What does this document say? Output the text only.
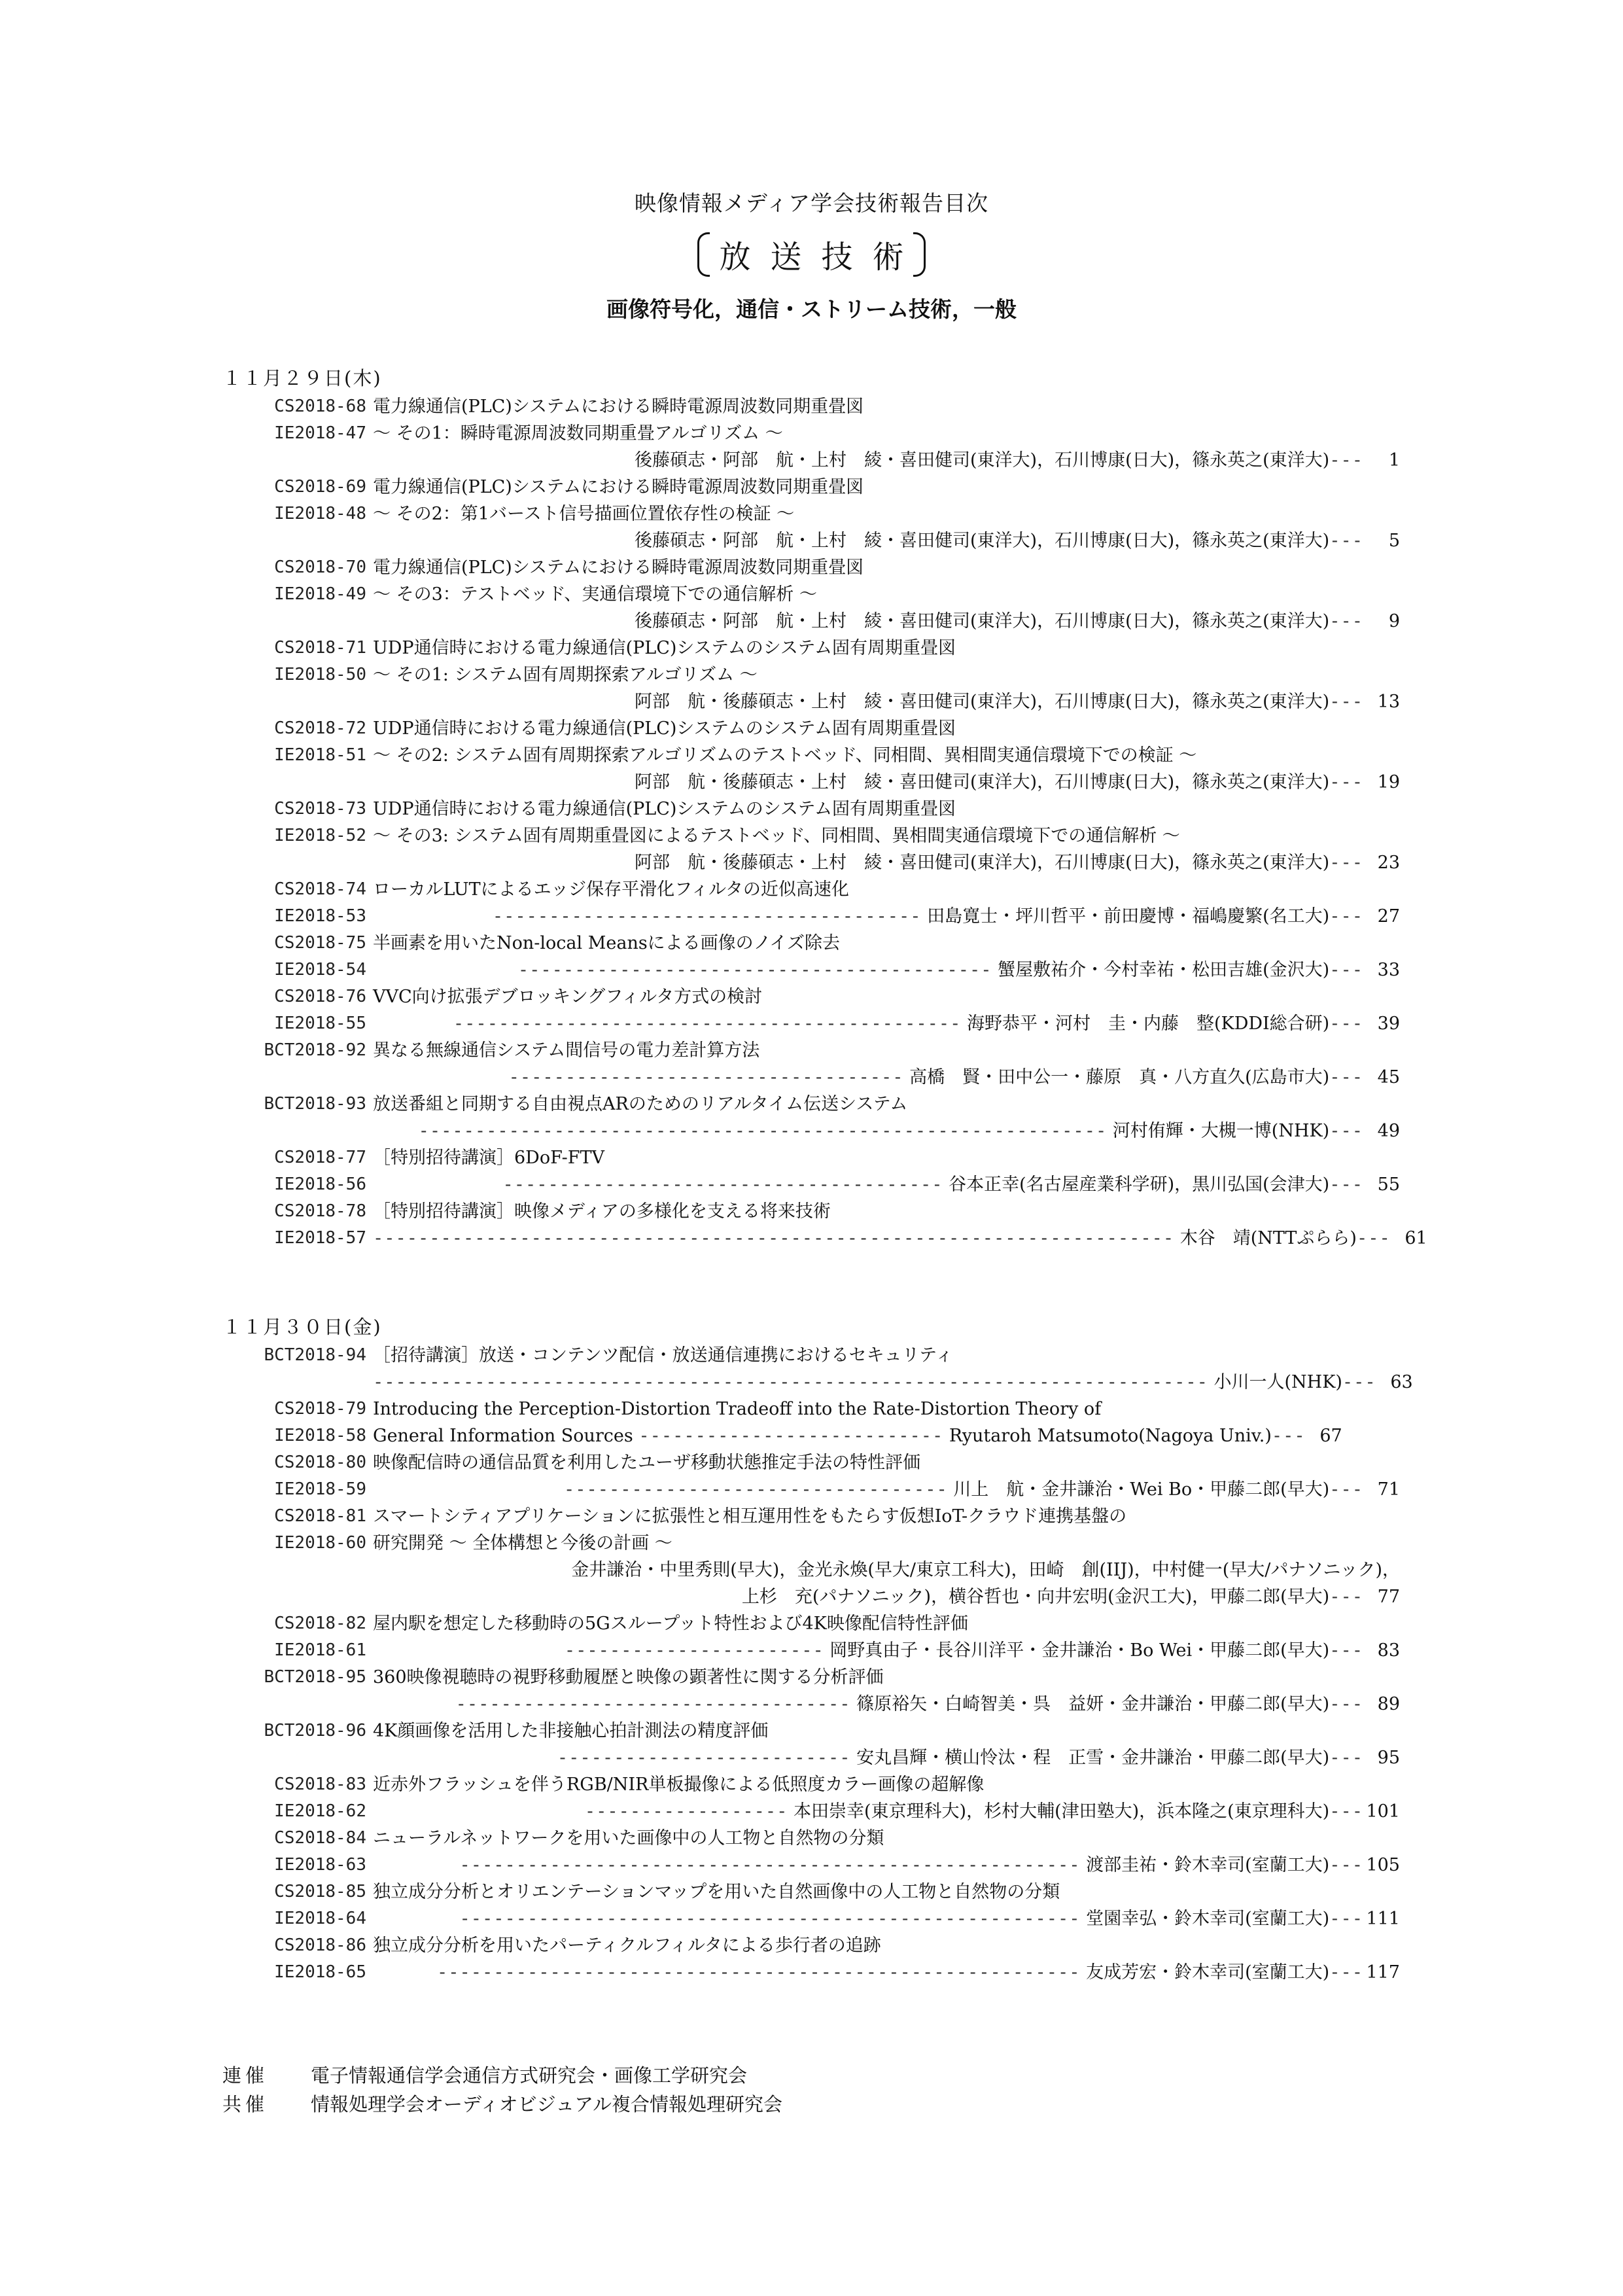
映像情報メディア学会技術報告目次
放送技術
画像符号化，通信・ストリーム技術，一般
１１月２９日(木)
CS2018-68 電力線通信(PLC)システムにおける瞬時電源周波数同期重畳図
IE2018-47 ～ その1：瞬時電源周波数同期重畳アルゴリズム ～
後藤碩志・阿部　航・上村　綾・喜田健司(東洋大)，石川博康(日大)，篠永英之(東洋大)--- 1
CS2018-69 電力線通信(PLC)システムにおける瞬時電源周波数同期重畳図
IE2018-48 ～ その2：第1バースト信号描画位置依存性の検証 ～
後藤碩志・阿部　航・上村　綾・喜田健司(東洋大)，石川博康(日大)，篠永英之(東洋大)--- 5
CS2018-70 電力線通信(PLC)システムにおける瞬時電源周波数同期重畳図
IE2018-49 ～ その3：テストベッド、実通信環境下での通信解析 ～
後藤碩志・阿部　航・上村　綾・喜田健司(東洋大)，石川博康(日大)，篠永英之(東洋大)--- 9
CS2018-71 UDP通信時における電力線通信(PLC)システムのシステム固有周期重畳図
IE2018-50 ～ その1: システム固有周期探索アルゴリズム ～
阿部　航・後藤碩志・上村　綾・喜田健司(東洋大)，石川博康(日大)，篠永英之(東洋大)--- 13
CS2018-72 UDP通信時における電力線通信(PLC)システムのシステム固有周期重畳図
IE2018-51 ～ その2: システム固有周期探索アルゴリズムのテストベッド、同相間、異相間実通信環境下での検証 ～
阿部　航・後藤碩志・上村　綾・喜田健司(東洋大)，石川博康(日大)，篠永英之(東洋大)--- 19
CS2018-73 UDP通信時における電力線通信(PLC)システムのシステム固有周期重畳図
IE2018-52 ～ その3: システム固有周期重畳図によるテストベッド、同相間、異相間実通信環境下での通信解析 ～
阿部　航・後藤碩志・上村　綾・喜田健司(東洋大)，石川博康(日大)，篠永英之(東洋大)--- 23
CS2018-74 ローカルLUTによるエッジ保存平滑化フィルタの近似高速化
IE2018-53	-------------------------------------- 田島寛士・坪川哲平・前田慶博・福嶋慶繁(名工大)--- 27
CS2018-75 半画素を用いたNon-local Meansによる画像のノイズ除去
IE2018-54	------------------------------------------ 蟹屋敷祐介・今村幸祐・松田吉雄(金沢大)--- 33
CS2018-76 VVC向け拡張デブロッキングフィルタ方式の検討
IE2018-55	--------------------------------------------- 海野恭平・河村　圭・内藤　整(KDDI総合研)--- 39
BCT2018-92 異なる無線通信システム間信号の電力差計算方法
----------------------------------- 高橋　賢・田中公一・藤原　真・八方直久(広島市大)--- 45
BCT2018-93 放送番組と同期する自由視点ARのためのリアルタイム伝送システム
------------------------------------------------------------- 河村侑輝・大槻一博(NHK)--- 49
CS2018-77 ［特別招待講演］6DoF-FTV
IE2018-56	--------------------------------------- 谷本正幸(名古屋産業科学研)，黒川弘国(会津大)--- 55
CS2018-78 ［特別招待講演］映像メディアの多様化を支える将来技術
IE2018-57 ----------------------------------------------------------------------- 木谷　靖(NTTぷらら)--- 61
１１月３０日(金)
BCT2018-94 ［招待講演］放送・コンテンツ配信・放送通信連携におけるセキュリティ
-------------------------------------------------------------------------- 小川一人(NHK)--- 63
CS2018-79 Introducing the Perception-Distortion Tradeoff into the Rate-Distortion Theory of
IE2018-58 General Information Sources --------------------------- Ryutaroh Matsumoto(Nagoya Univ.)--- 67
CS2018-80 映像配信時の通信品質を利用したユーザ移動状態推定手法の特性評価
IE2018-59	---------------------------------- 川上　航・金井謙治・Wei Bo・甲藤二郎(早大)--- 71
CS2018-81 スマートシティアプリケーションに拡張性と相互運用性をもたらす仮想IoT-クラウド連携基盤の
IE2018-60 研究開発 ～ 全体構想と今後の計画 ～
金井謙治・中里秀則(早大)，金光永煥(早大/東京工科大)，田崎　創(IIJ)，中村健一(早大/パナソニック)，
上杉　充(パナソニック)，横谷哲也・向井宏明(金沢工大)，甲藤二郎(早大)--- 77
CS2018-82 屋内駅を想定した移動時の5Gスループット特性および4K映像配信特性評価
IE2018-61	----------------------- 岡野真由子・長谷川洋平・金井謙治・Bo Wei・甲藤二郎(早大)--- 83
BCT2018-95 360映像視聴時の視野移動履歴と映像の顕著性に関する分析評価
----------------------------------- 篠原裕矢・白崎智美・呉　益妍・金井謙治・甲藤二郎(早大)--- 89
BCT2018-96 4K顔画像を活用した非接触心拍計測法の精度評価
-------------------------- 安丸昌輝・横山怜汰・程　正雪・金井謙治・甲藤二郎(早大)--- 95
CS2018-83 近赤外フラッシュを伴うRGB/NIR単板撮像による低照度カラー画像の超解像
IE2018-62	------------------ 本田崇幸(東京理科大)，杉村大輔(津田塾大)，浜本隆之(東京理科大)--- 101
CS2018-84 ニューラルネットワークを用いた画像中の人工物と自然物の分類
IE2018-63	------------------------------------------------------- 渡部圭祐・鈴木幸司(室蘭工大)--- 105
CS2018-85 独立成分分析とオリエンテーションマップを用いた自然画像中の人工物と自然物の分類
IE2018-64	------------------------------------------------------- 堂園幸弘・鈴木幸司(室蘭工大)--- 111
CS2018-86 独立成分分析を用いたパーティクルフィルタによる歩行者の追跡
IE2018-65	--------------------------------------------------------- 友成芳宏・鈴木幸司(室蘭工大)--- 117
連催 電子情報通信学会通信方式研究会・画像工学研究会
共催 情報処理学会オーディオビジュアル複合情報処理研究会
